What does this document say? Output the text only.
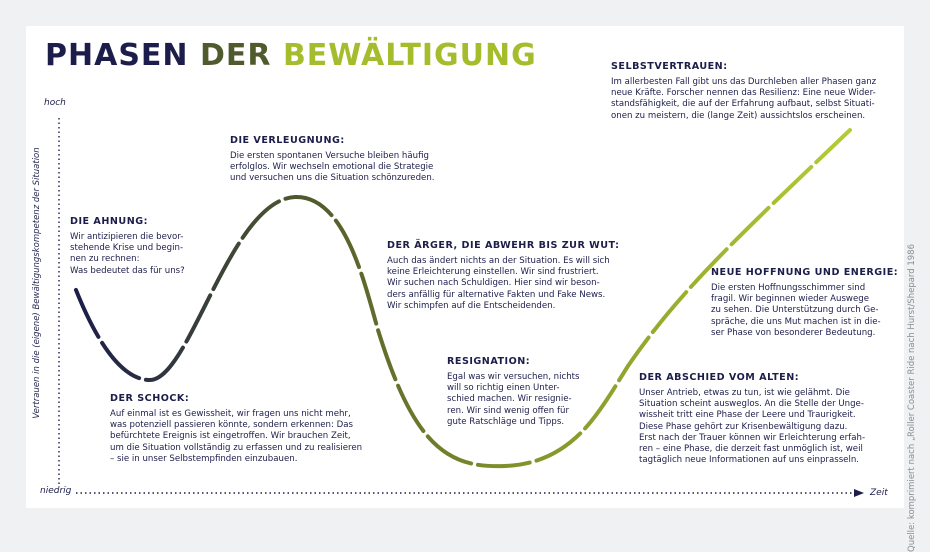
PHASEN DER BEWÄLTIGUNG
hoch
niedrig	Zeit
Vertrauen in die (eigene) Bewältigungskompetenz der Situation	Quelle: komprimiert nach „Roller Coaster Ride nach Hurst/Shepard 1986
DIE AHNUNG:

Wir antizipieren die bevor-
stehende Krise und begin-
nen zu rechnen:
Was bedeutet das für uns?

DER SCHOCK:

Auf einmal ist es Gewissheit, wir fragen uns nicht mehr,
was potenziell passieren könnte, sondern erkennen: Das
befürchtete Ereignis ist eingetroffen. Wir brauchen Zeit,
um die Situation vollständig zu erfassen und zu realisieren
– sie in unser Selbstempfinden einzubauen.

DIE VERLEUGNUNG:

Die ersten spontanen Versuche bleiben häufig
erfolglos. Wir wechseln emotional die Strategie
und versuchen uns die Situation schönzureden.

DER ÄRGER, DIE ABWEHR BIS ZUR WUT:

Auch das ändert nichts an der Situation. Es will sich
keine Erleichterung einstellen. Wir sind frustriert.
Wir suchen nach Schuldigen. Hier sind wir beson-
ders anfällig für alternative Fakten und Fake News.
Wir schimpfen auf die Entscheidenden.

RESIGNATION:

Egal was wir versuchen, nichts
will so richtig einen Unter-
schied machen. Wir resignie-
ren. Wir sind wenig offen für
gute Ratschläge und Tipps.

DER ABSCHIED VOM ALTEN:

Unser Antrieb, etwas zu tun, ist wie gelähmt. Die
Situation scheint ausweglos. An die Stelle der Unge-
wissheit tritt eine Phase der Leere und Traurigkeit.
Diese Phase gehört zur Krisenbewältigung dazu.
Erst nach der Trauer können wir Erleichterung erfah-
ren – eine Phase, die derzeit fast unmöglich ist, weil
tagtäglich neue Informationen auf uns einprasseln.

NEUE HOFFNUNG UND ENERGIE:

Die ersten Hoffnungsschimmer sind
fragil. Wir beginnen wieder Auswege
zu sehen. Die Unterstützung durch Ge-
spräche, die uns Mut machen ist in die-
ser Phase von besonderer Bedeutung.

SELBSTVERTRAUEN:

Im allerbesten Fall gibt uns das Durchleben aller Phasen ganz
neue Kräfte. Forscher nennen das Resilienz: Eine neue Wider-
standsfähigkeit, die auf der Erfahrung aufbaut, selbst Situati-
onen zu meistern, die (lange Zeit) aussichtslos erscheinen.
